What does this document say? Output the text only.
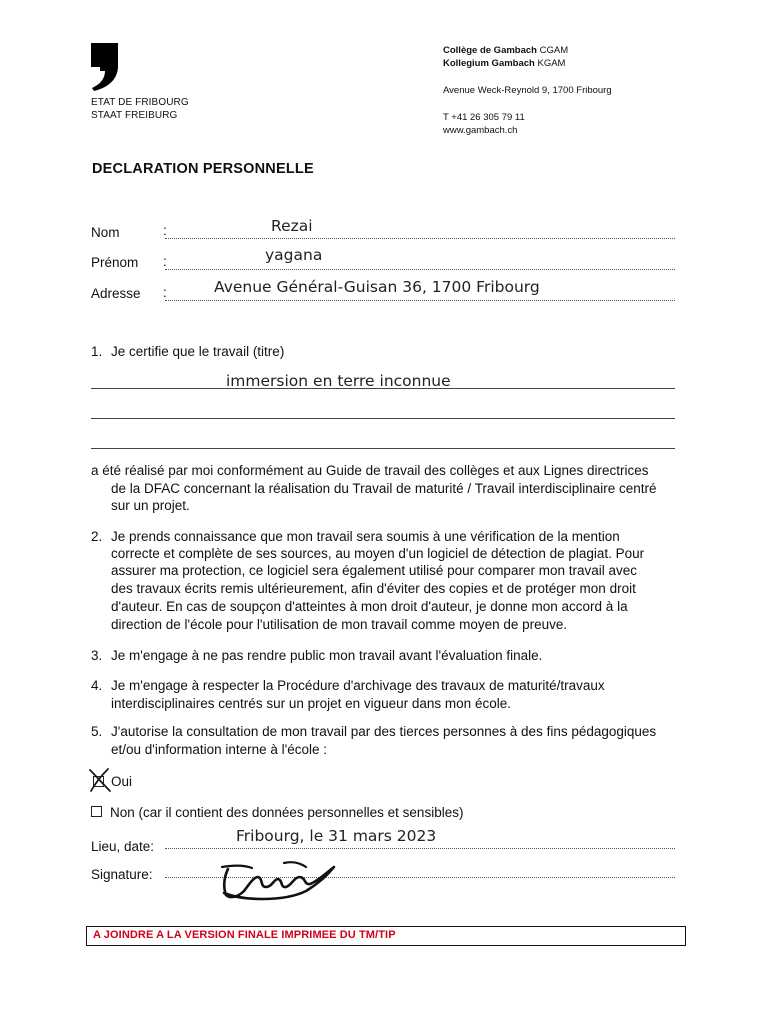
ETAT DE FRIBOURG
STAAT FREIBURG
Collège de Gambach CGAM
Kollegium Gambach KGAM
Avenue Weck-Reynold 9, 1700 Fribourg
T +41 26 305 79 11
www.gambach.ch
DECLARATION PERSONNELLE
Nom	:	Rezai
Prénom :	yagana
Adresse :	Avenue Général-Guisan 36, 1700 Fribourg
1. Je certifie que le travail (titre)
immersion en terre inconnue
a été réalisé par moi conformément au Guide de travail des collèges et aux Lignes directrices
de la DFAC concernant la réalisation du Travail de maturité / Travail interdisciplinaire centré
sur un projet.
2. Je prends connaissance que mon travail sera soumis à une vérification de la mention
correcte et complète de ses sources, au moyen d'un logiciel de détection de plagiat. Pour
assurer ma protection, ce logiciel sera également utilisé pour comparer mon travail avec
des travaux écrits remis ultérieurement, afin d'éviter des copies et de protéger mon droit
d'auteur. En cas de soupçon d'atteintes à mon droit d'auteur, je donne mon accord à la
direction de l'école pour l'utilisation de mon travail comme moyen de preuve.
3. Je m'engage à ne pas rendre public mon travail avant l'évaluation finale.
4. Je m'engage à respecter la Procédure d'archivage des travaux de maturité/travaux
interdisciplinaires centrés sur un projet en vigueur dans mon école.
5. J'autorise la consultation de mon travail par des tierces personnes à des fins pédagogiques
et/ou d'information interne à l'école :
Oui
Non (car il contient des données personnelles et sensibles)
Lieu, date:
Fribourg, le 31 mars 2023
Signature:
A JOINDRE A LA VERSION FINALE IMPRIMEE DU TM/TIP
